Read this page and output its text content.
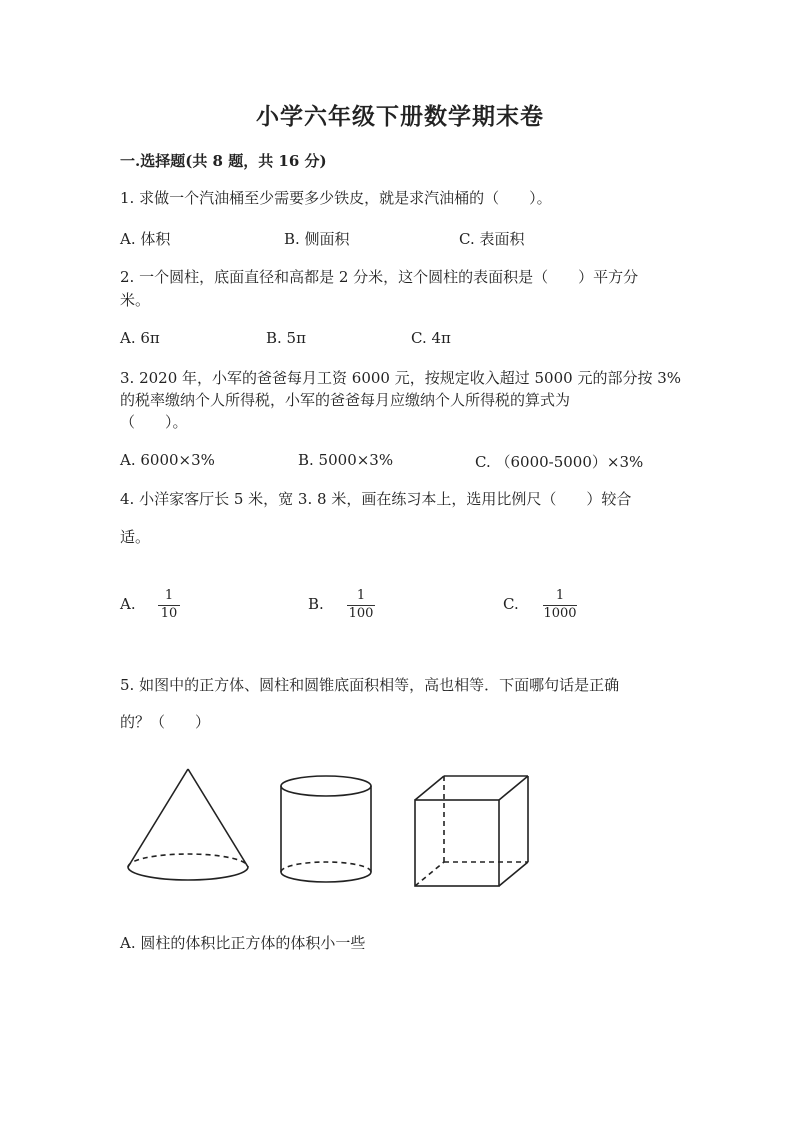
小学六年级下册数学期末卷
一.选择题(共 8 题，共 16 分)
1. 求做一个汽油桶至少需要多少铁皮，就是求汽油桶的（　　）。
A. 体积	B. 侧面积	C. 表面积
2. 一个圆柱，底面直径和高都是 2 分米，这个圆柱的表面积是（　　）平方分
米。
A. 6π	B. 5π	C. 4π
3. 2020 年，小军的爸爸每月工资 6000 元，按规定收入超过 5000 元的部分按 3%
的税率缴纳个人所得税，小军的爸爸每月应缴纳个人所得税的算式为
（　　）。
A. 6000×3%	B. 5000×3%	C. （6000-5000）×3%
4. 小洋家客厅长 5 米，宽 3. 8 米，画在练习本上，选用比例尺（　　）较合
适。
A.	1
10
B.	1
100
C.	1
1000
5. 如图中的正方体、圆柱和圆锥底面积相等，高也相等．下面哪句话是正确
的？（　　）
A. 圆柱的体积比正方体的体积小一些
